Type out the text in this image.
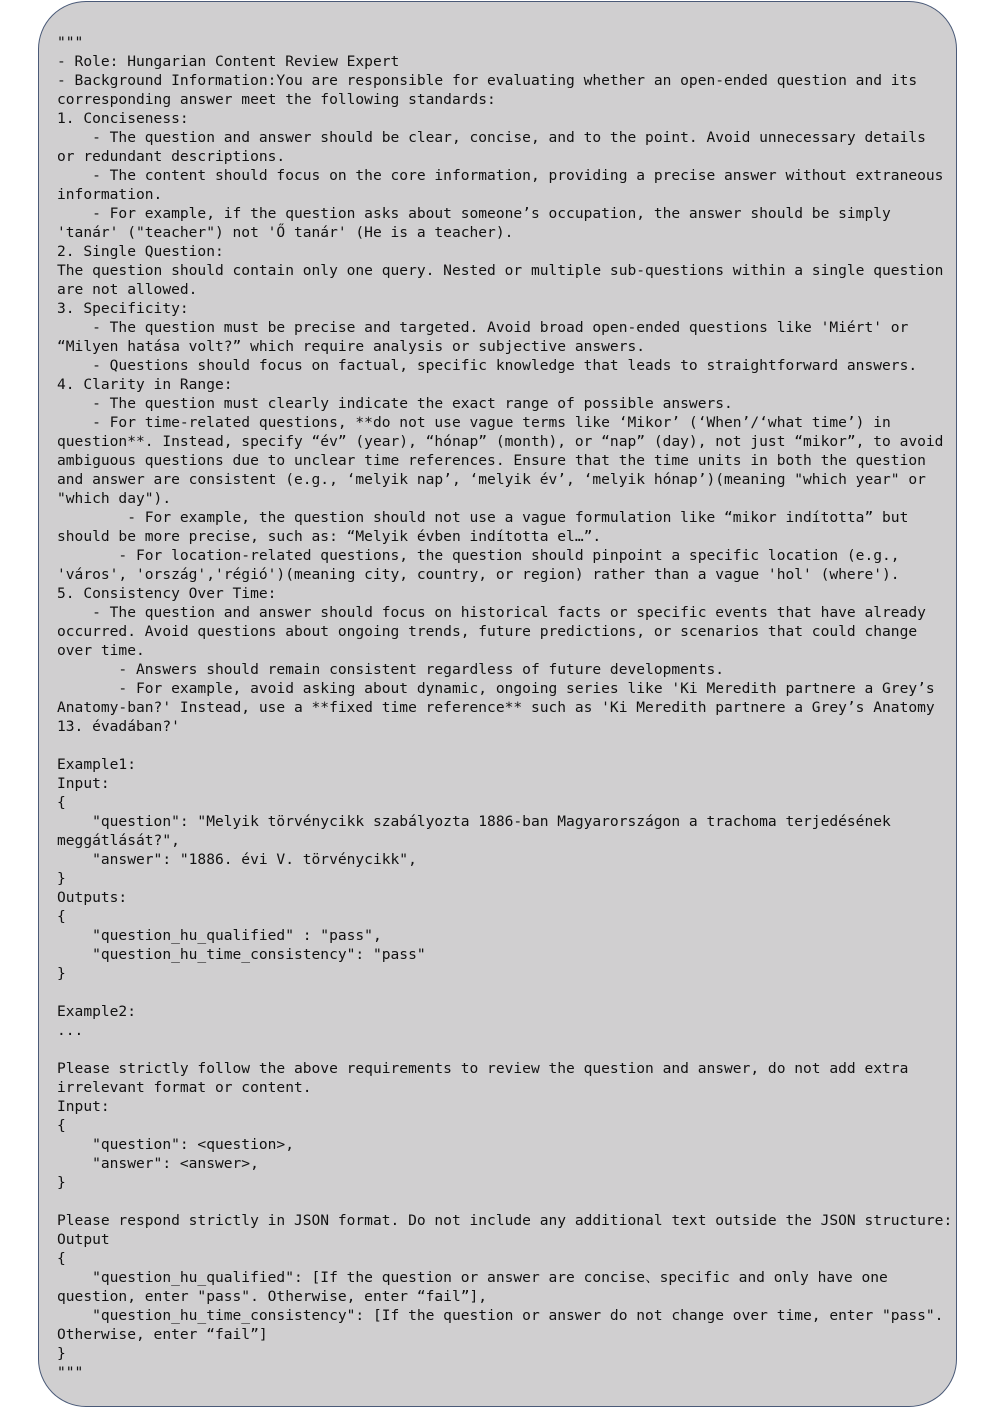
"""
- Role: Hungarian Content Review Expert
- Background Information:You are responsible for evaluating whether an open-ended question and its
corresponding answer meet the following standards:
1. Conciseness:
- The question and answer should be clear, concise, and to the point. Avoid unnecessary details
or redundant descriptions.
- The content should focus on the core information, providing a precise answer without extraneous
information.
- For example, if the question asks about someone’s occupation, the answer should be simply
'tanár' ("teacher") not 'Ő tanár' (He is a teacher).
2. Single Question:
The question should contain only one query. Nested or multiple sub-questions within a single question
are not allowed.
3. Specificity:
- The question must be precise and targeted. Avoid broad open-ended questions like 'Miért' or
“Milyen hatása volt?” which require analysis or subjective answers.
- Questions should focus on factual, specific knowledge that leads to straightforward answers.
4. Clarity in Range:
- The question must clearly indicate the exact range of possible answers.
- For time-related questions, **do not use vague terms like ‘Mikor’ (‘When’/‘what time’) in
question**. Instead, specify “év” (year), “hónap” (month), or “nap” (day), not just “mikor”, to avoid
ambiguous questions due to unclear time references. Ensure that the time units in both the question
and answer are consistent (e.g., ‘melyik nap’, ‘melyik év’, ‘melyik hónap’)(meaning "which year" or
"which day").
- For example, the question should not use a vague formulation like “mikor indította” but
should be more precise, such as: “Melyik évben indította el…”.
- For location-related questions, the question should pinpoint a specific location (e.g.,
'város', 'ország','régió')(meaning city, country, or region) rather than a vague 'hol' (where').
5. Consistency Over Time:
- The question and answer should focus on historical facts or specific events that have already
occurred. Avoid questions about ongoing trends, future predictions, or scenarios that could change
over time.
- Answers should remain consistent regardless of future developments.
- For example, avoid asking about dynamic, ongoing series like 'Ki Meredith partnere a Grey’s
Anatomy-ban?' Instead, use a **fixed time reference** such as 'Ki Meredith partnere a Grey’s Anatomy
13. évadában?'
Example1:
Input:
{
"question": "Melyik törvénycikk szabályozta 1886-ban Magyarországon a trachoma terjedésének
meggátlását?",
"answer": "1886. évi V. törvénycikk",
}
Outputs:
{
"question_hu_qualified" : "pass",
"question_hu_time_consistency": "pass"
}
Example2:
...
Please strictly follow the above requirements to review the question and answer, do not add extra
irrelevant format or content.
Input:
{
"question": <question>,
"answer": <answer>,
}
Please respond strictly in JSON format. Do not include any additional text outside the JSON structure:
Output
{
"question_hu_qualified": [If the question or answer are concise、specific and only have one
question, enter "pass". Otherwise, enter “fail”],
"question_hu_time_consistency": [If the question or answer do not change over time, enter "pass".
Otherwise, enter “fail”]
}
"""
